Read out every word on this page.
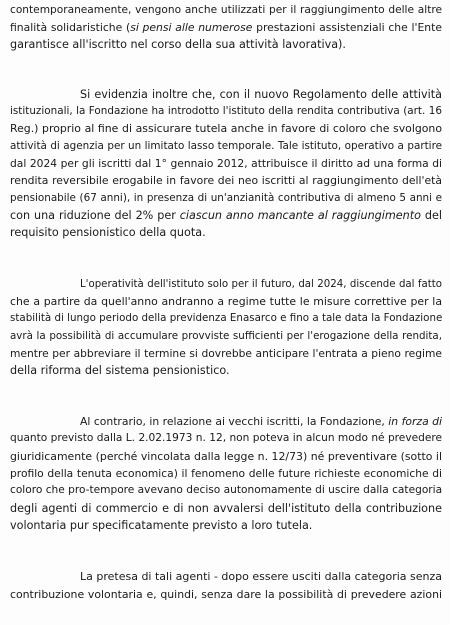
contemporaneamente, vengono anche utilizzati per il raggiungimento delle altre

finalità solidaristiche (si pensi alle numerose prestazioni assistenziali che l'Ente

garantisce all'iscritto nel corso della sua attività lavorativa).

Si evidenzia inoltre che, con il nuovo Regolamento delle attività

istituzionali, la Fondazione ha introdotto l'istituto della rendita contributiva (art. 16

Reg.) proprio al fine di assicurare tutela anche in favore di coloro che svolgono

attività di agenzia per un limitato lasso temporale. Tale istituto, operativo a partire

dal 2024 per gli iscritti dal 1° gennaio 2012, attribuisce il diritto ad una forma di

rendita reversibile erogabile in favore dei neo iscritti al raggiungimento dell'età

pensionabile (67 anni), in presenza di un'anzianità contributiva di almeno 5 anni e

con una riduzione del 2% per ciascun anno mancante al raggiungimento del

requisito pensionistico della quota.

L'operatività dell'istituto solo per il futuro, dal 2024, discende dal fatto

che a partire da quell'anno andranno a regime tutte le misure correttive per la

stabilità di lungo periodo della previdenza Enasarco e fino a tale data la Fondazione

avrà la possibilità di accumulare provviste sufficienti per l'erogazione della rendita,

mentre per abbreviare il termine si dovrebbe anticipare l'entrata a pieno regime

della riforma del sistema pensionistico.

Al contrario, in relazione ai vecchi iscritti, la Fondazione, in forza di

quanto previsto dalla L. 2.02.1973 n. 12, non poteva in alcun modo né prevedere

giuridicamente (perché vincolata dalla legge n. 12/73) né preventivare (sotto il

profilo della tenuta economica) il fenomeno delle future richieste economiche di

coloro che pro-tempore avevano deciso autonomamente di uscire dalla categoria

degli agenti di commercio e di non avvalersi dell'istituto della contribuzione

volontaria pur specificatamente previsto a loro tutela.

La pretesa di tali agenti - dopo essere usciti dalla categoria senza

contribuzione volontaria e, quindi, senza dare la possibilità di prevedere azioni
